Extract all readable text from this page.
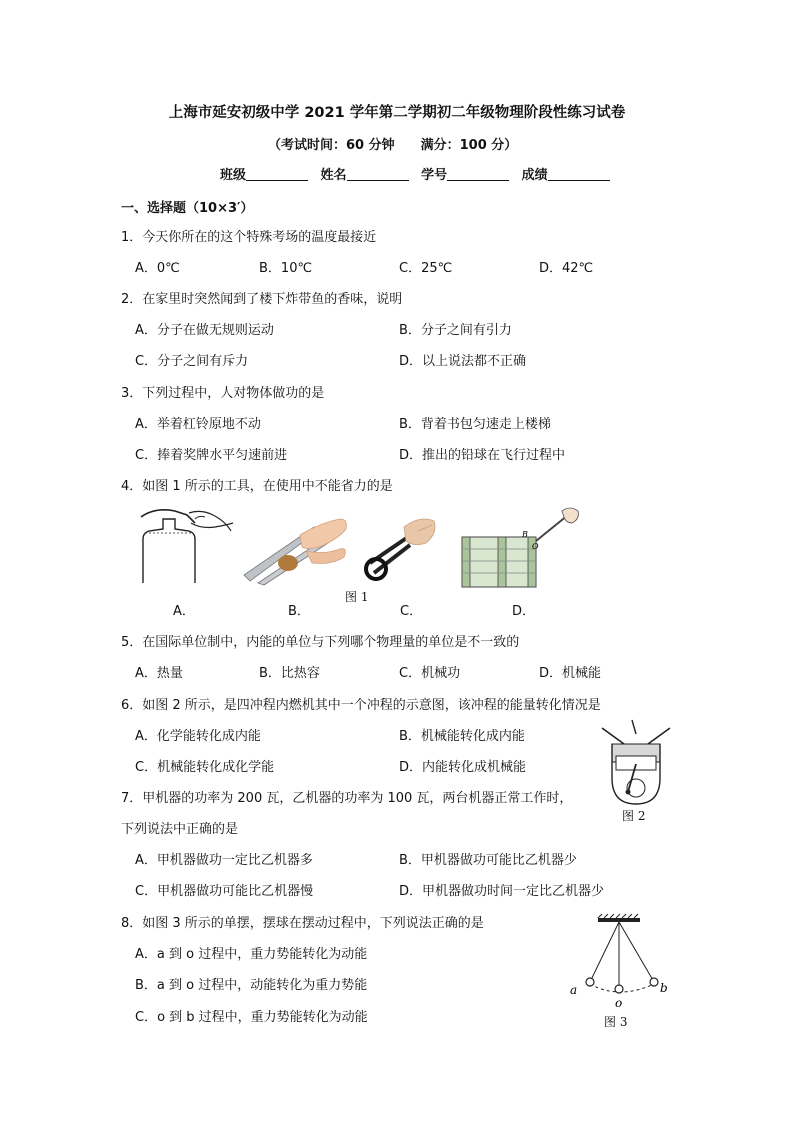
上海市延安初级中学 2021 学年第二学期初二年级物理阶段性练习试卷
（考试时间：60 分钟　　满分：100 分）
班级	姓名	学号	成绩
一、选择题（10×3′）
1．今天你所在的这个特殊考场的温度最接近
A．0℃	B．10℃	C．25℃	D．42℃
2．在家里时突然闻到了楼下炸带鱼的香味，说明
A．分子在做无规则运动	B．分子之间有引力
C．分子之间有斥力	D．以上说法都不正确
3．下列过程中，人对物体做功的是
A．举着杠铃原地不动	B．背着书包匀速走上楼梯
C．捧着奖牌水平匀速前进	D．推出的铅球在飞行过程中
4．如图 1 所示的工具，在使用中不能省力的是
B
O
图 1
A．	B．	C．	D．
5．在国际单位制中，内能的单位与下列哪个物理量的单位是不一致的
A．热量	B．比热容	C．机械功	D．机械能
6．如图 2 所示，是四冲程内燃机其中一个冲程的示意图，该冲程的能量转化情况是
A．化学能转化成内能	B．机械能转化成内能
C．机械能转化成化学能	D．内能转化成机械能
图 2
7．甲机器的功率为 200 瓦，乙机器的功率为 100 瓦，两台机器正常工作时，
下列说法中正确的是
A．甲机器做功一定比乙机器多	B．甲机器做功可能比乙机器少
C．甲机器做功可能比乙机器慢	D．甲机器做功时间一定比乙机器少
8．如图 3 所示的单摆，摆球在摆动过程中，下列说法正确的是
A．a 到 o 过程中，重力势能转化为动能
B．a 到 o 过程中，动能转化为重力势能
C．o 到 b 过程中，重力势能转化为动能
a
o
b
图 3
